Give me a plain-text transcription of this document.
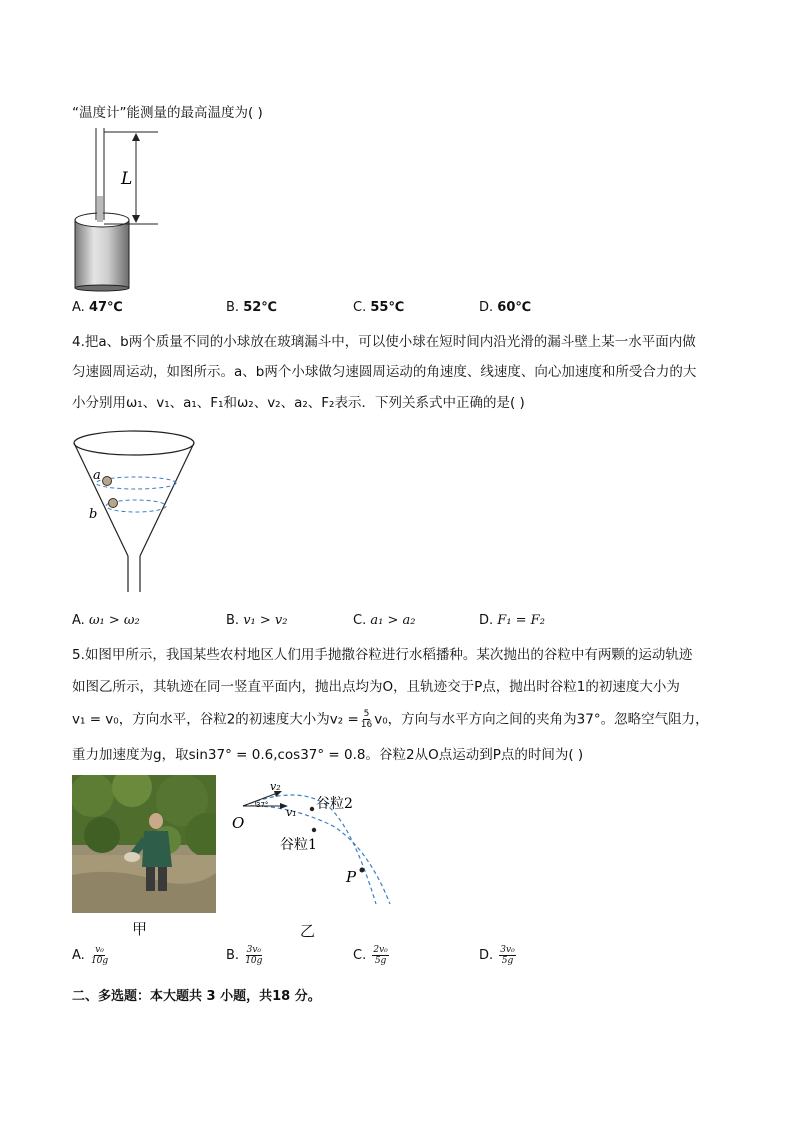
“温度计”能测量的最高温度为( )
L
A. 47℃	B. 52℃	C. 55℃	D. 60℃
4.把a、b两个质量不同的小球放在玻璃漏斗中，可以使小球在短时间内沿光滑的漏斗壁上某一水平面内做
匀速圆周运动，如图所示。a、b两个小球做匀速圆周运动的角速度、线速度、向心加速度和所受合力的大
小分别用ω₁、v₁、a₁、F₁和ω₂、v₂、a₂、F₂表示．下列关系式中正确的是( )
a
b
A. ω₁ > ω₂	B. v₁ > v₂	C. a₁ > a₂	D. F₁ = F₂
5.如图甲所示，我国某些农村地区人们用手抛撒谷粒进行水稻播种。某次抛出的谷粒中有两颗的运动轨迹
如图乙所示，其轨迹在同一竖直平面内，抛出点均为O，且轨迹交于P点，抛出时谷粒1的初速度大小为
v₁ = v₀，方向水平，谷粒2的初速度大小为$v_2 = \frac{5}{16} v_0$，方向与水平方向之间的夹角为37°。忽略空气阻力，
重力加速度为g，取sin37° = 0.6,cos37° = 0.8。谷粒2从O点运动到P点的时间为( )
甲
O
v₂
v₁
37°	谷粒2
谷粒1
P
乙
A. $\frac{\text{v₀}}{10g}$	B. $\frac{\text{3v₀}}{10g}$	C. $\frac{\text{2v₀}}{5g}$	D. $\frac{\text{3v₀}}{5g}$
二、多选题：本大题共 3 小题，共18 分。
